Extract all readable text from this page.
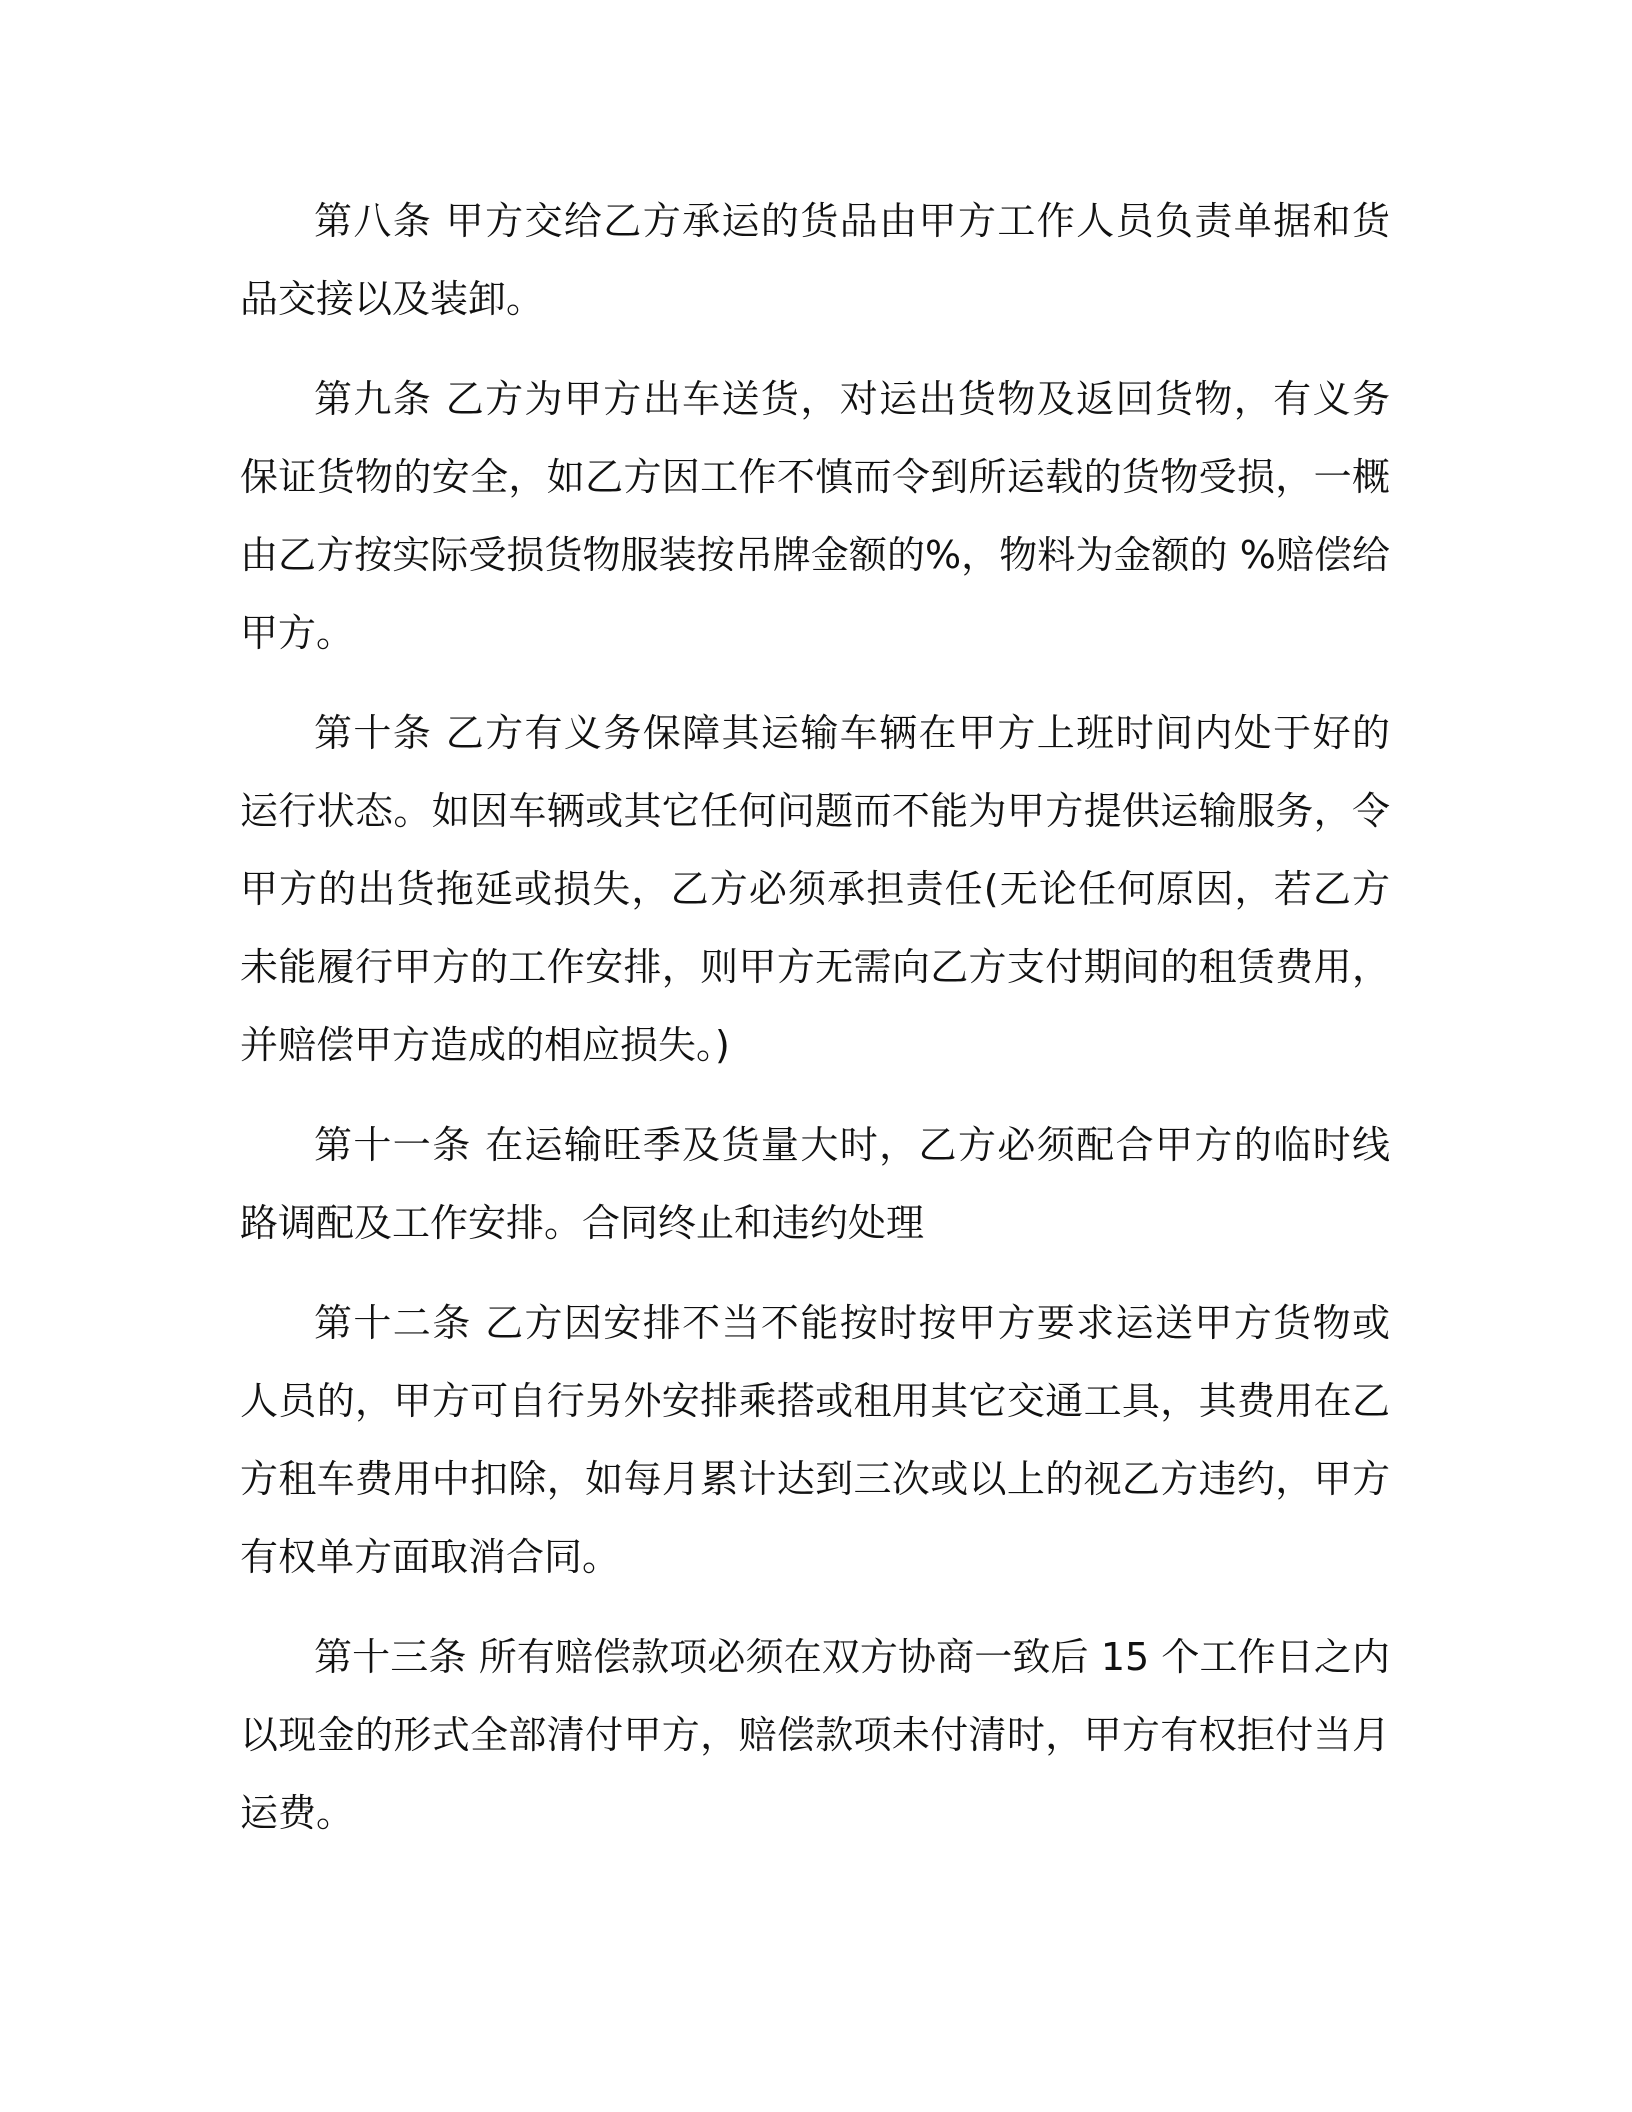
第八条 甲方交给乙方承运的货品由甲方工作人员负责单据和货品交接以及装卸。

第九条 乙方为甲方出车送货，对运出货物及返回货物，有义务保证货物的安全，如乙方因工作不慎而令到所运载的货物受损，一概由乙方按实际受损货物服装按吊牌金额的%，物料为金额的 %赔偿给甲方。

第十条 乙方有义务保障其运输车辆在甲方上班时间内处于好的运行状态。如因车辆或其它任何问题而不能为甲方提供运输服务，令甲方的出货拖延或损失，乙方必须承担责任(无论任何原因，若乙方未能履行甲方的工作安排，则甲方无需向乙方支付期间的租赁费用，并赔偿甲方造成的相应损失。)

第十一条 在运输旺季及货量大时，乙方必须配合甲方的临时线路调配及工作安排。合同终止和违约处理

第十二条 乙方因安排不当不能按时按甲方要求运送甲方货物或人员的，甲方可自行另外安排乘搭或租用其它交通工具，其费用在乙方租车费用中扣除，如每月累计达到三次或以上的视乙方违约，甲方有权单方面取消合同。

第十三条 所有赔偿款项必须在双方协商一致后 15 个工作日之内以现金的形式全部清付甲方，赔偿款项未付清时，甲方有权拒付当月运费。
